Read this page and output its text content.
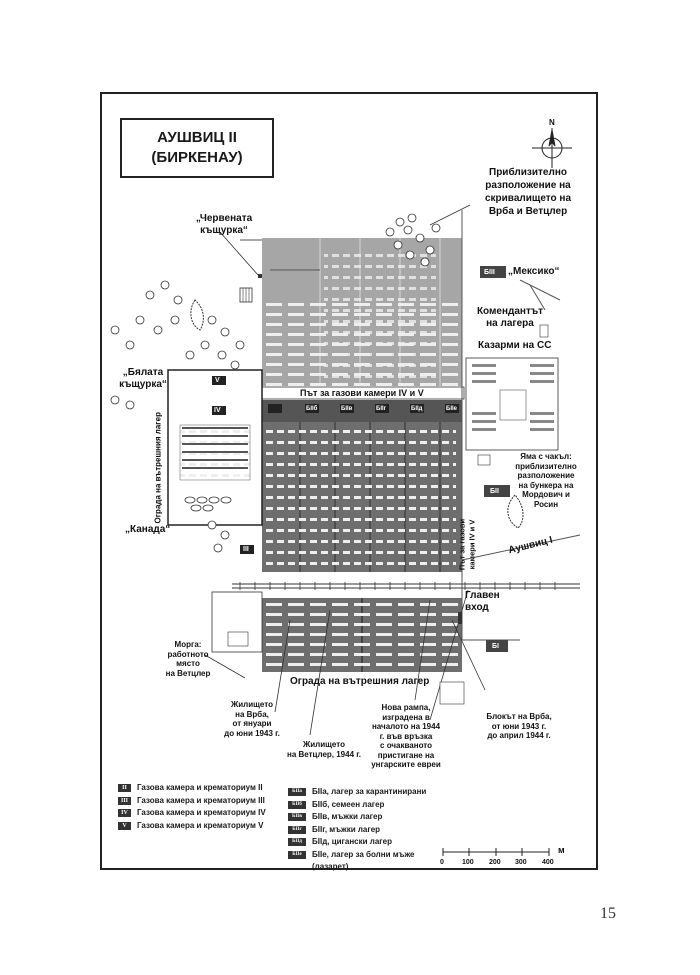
АУШВИЦ II
(БИРКЕНАУ)
N
Приблизително
разположение на
скривалището на
Врба и Ветцлер
„Червената
къщурка“
БIII „Мексико“
Комендантът
на лагера
Казарми на СС
„Бялата
къщурка“
Път за газови камери IV и V
V
IV
III
II
БIIб	БIIв	БIIг	БIIд	БIIе
Ограда на вътрешния лагер
Път за газови камери IV и V
Яма с чакъл:
приблизително
разположение
на бункера на
Мордович и
Росин
БII
„Канада“
Аушвиц I
Главен
вход
БI
Морга:
работното
място
на Ветцлер
Ограда на вътрешния лагер
Жилището
на Врба,
от януари
до юни 1943 г.
Нова рампа,
изградена в
началото на 1944
г. във връзка
с очакваното
пристигане на
унгарските евреи
Блокът на Врба,
от юни 1943 г.
до април 1944 г.
Жилището
на Ветцлер, 1944 г.
II	Газова камера и крематориум II
III	Газова камера и крематориум III
IV	Газова камера и крематориум IV
V	Газова камера и крематориум V
БIIа	БIIа, лагер за карантинирани
БIIб	БIIб, семеен лагер
БIIв	БIIв, мъжки лагер
БIIг	БIIг, мъжки лагер
БIIд	БIIд, цигански лагер
БIIе	БIIе, лагер за болни мъже
(лазарет)	0	100 200 300 400
м
15
